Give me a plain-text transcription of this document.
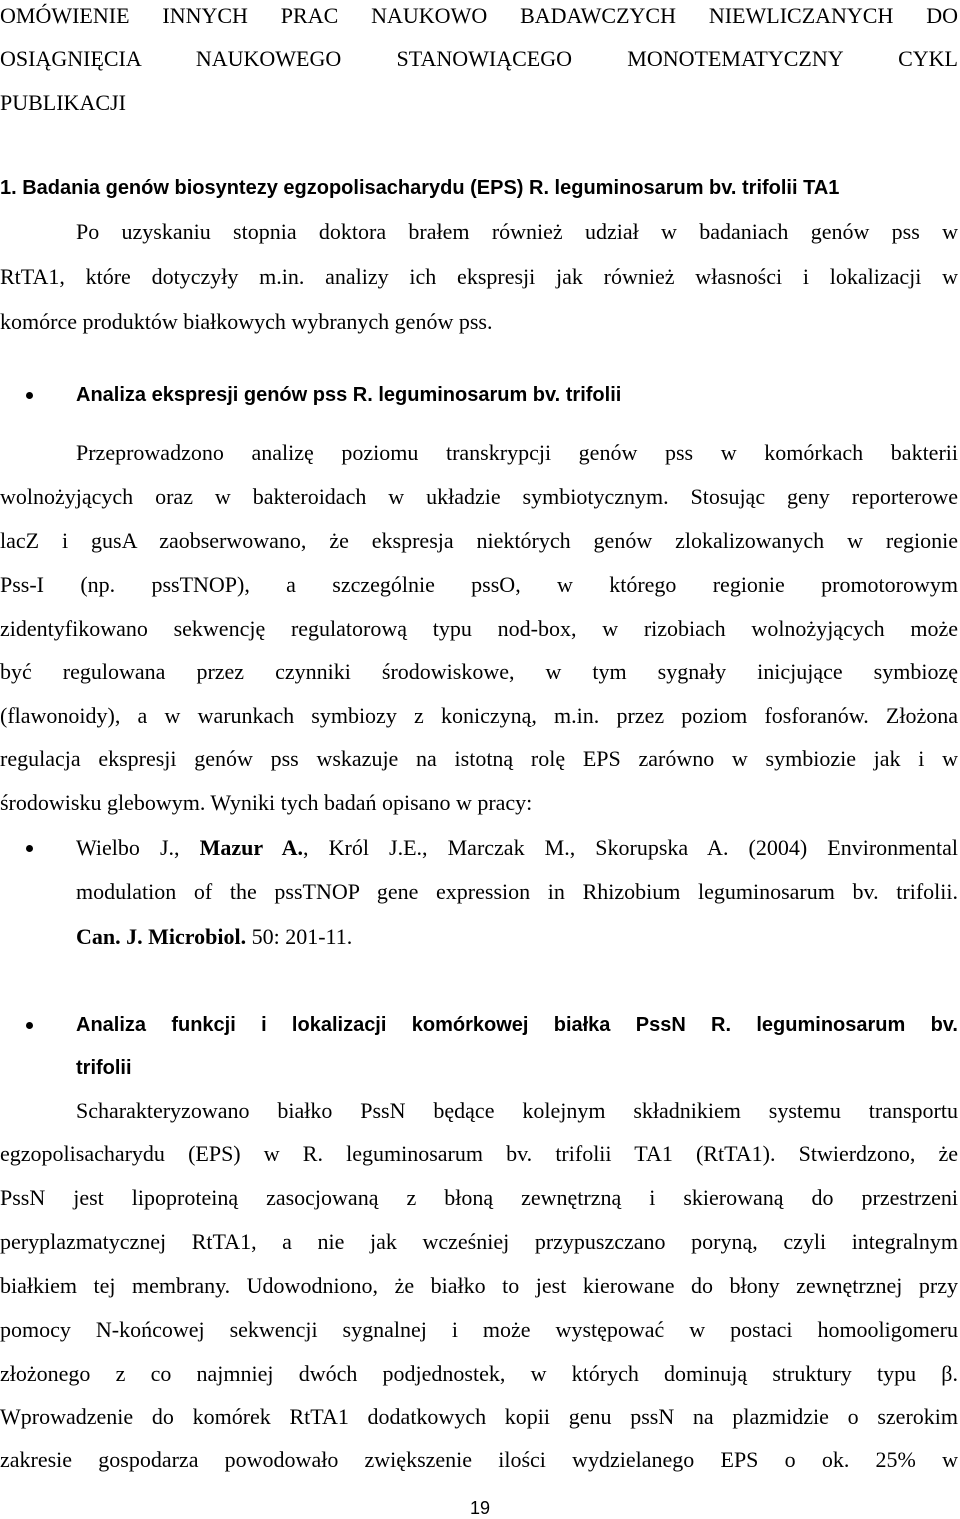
OMÓWIENIE INNYCH PRAC NAUKOWO BADAWCZYCH NIEWLICZANYCH DO
OSIĄGNIĘCIA NAUKOWEGO STANOWIĄCEGO MONOTEMATYCZNY CYKL
PUBLIKACJI
1. Badania genów biosyntezy egzopolisacharydu (EPS) R. leguminosarum bv. trifolii TA1
Po uzyskaniu stopnia doktora brałem również udział w badaniach genów pss w
RtTA1, które dotyczyły m.in. analizy ich ekspresji jak również własności i lokalizacji w
komórce produktów białkowych wybranych genów pss.
Analiza ekspresji genów pss R. leguminosarum bv. trifolii
Przeprowadzono analizę poziomu transkrypcji genów pss w komórkach bakterii
wolnożyjących oraz w bakteroidach w układzie symbiotycznym. Stosując geny reporterowe
lacZ i gusA zaobserwowano, że ekspresja niektórych genów zlokalizowanych w regionie
Pss-I (np. pssTNOP), a szczególnie pssO, w którego regionie promotorowym
zidentyfikowano sekwencję regulatorową typu nod-box, w rizobiach wolnożyjących może
być regulowana przez czynniki środowiskowe, w tym sygnały inicjujące symbiozę
(flawonoidy), a w warunkach symbiozy z koniczyną, m.in. przez poziom fosforanów. Złożona
regulacja ekspresji genów pss wskazuje na istotną rolę EPS zarówno w symbiozie jak i w
środowisku glebowym. Wyniki tych badań opisano w pracy:
Wielbo J., Mazur A., Król J.E., Marczak M., Skorupska A. (2004) Environmental
modulation of the pssTNOP gene expression in Rhizobium leguminosarum bv. trifolii.
Can. J. Microbiol. 50: 201-11.
Analiza funkcji i lokalizacji komórkowej białka PssN R. leguminosarum bv.
trifolii
Scharakteryzowano białko PssN będące kolejnym składnikiem systemu transportu
egzopolisacharydu (EPS) w R. leguminosarum bv. trifolii TA1 (RtTA1). Stwierdzono, że
PssN jest lipoproteiną zasocjowaną z błoną zewnętrzną i skierowaną do przestrzeni
peryplazmatycznej RtTA1, a nie jak wcześniej przypuszczano poryną, czyli integralnym
białkiem tej membrany. Udowodniono, że białko to jest kierowane do błony zewnętrznej przy
pomocy N-końcowej sekwencji sygnalnej i może występować w postaci homooligomeru
złożonego z co najmniej dwóch podjednostek, w których dominują struktury typu β.
Wprowadzenie do komórek RtTA1 dodatkowych kopii genu pssN na plazmidzie o szerokim
zakresie gospodarza powodowało zwiększenie ilości wydzielanego EPS o ok. 25% w
19
